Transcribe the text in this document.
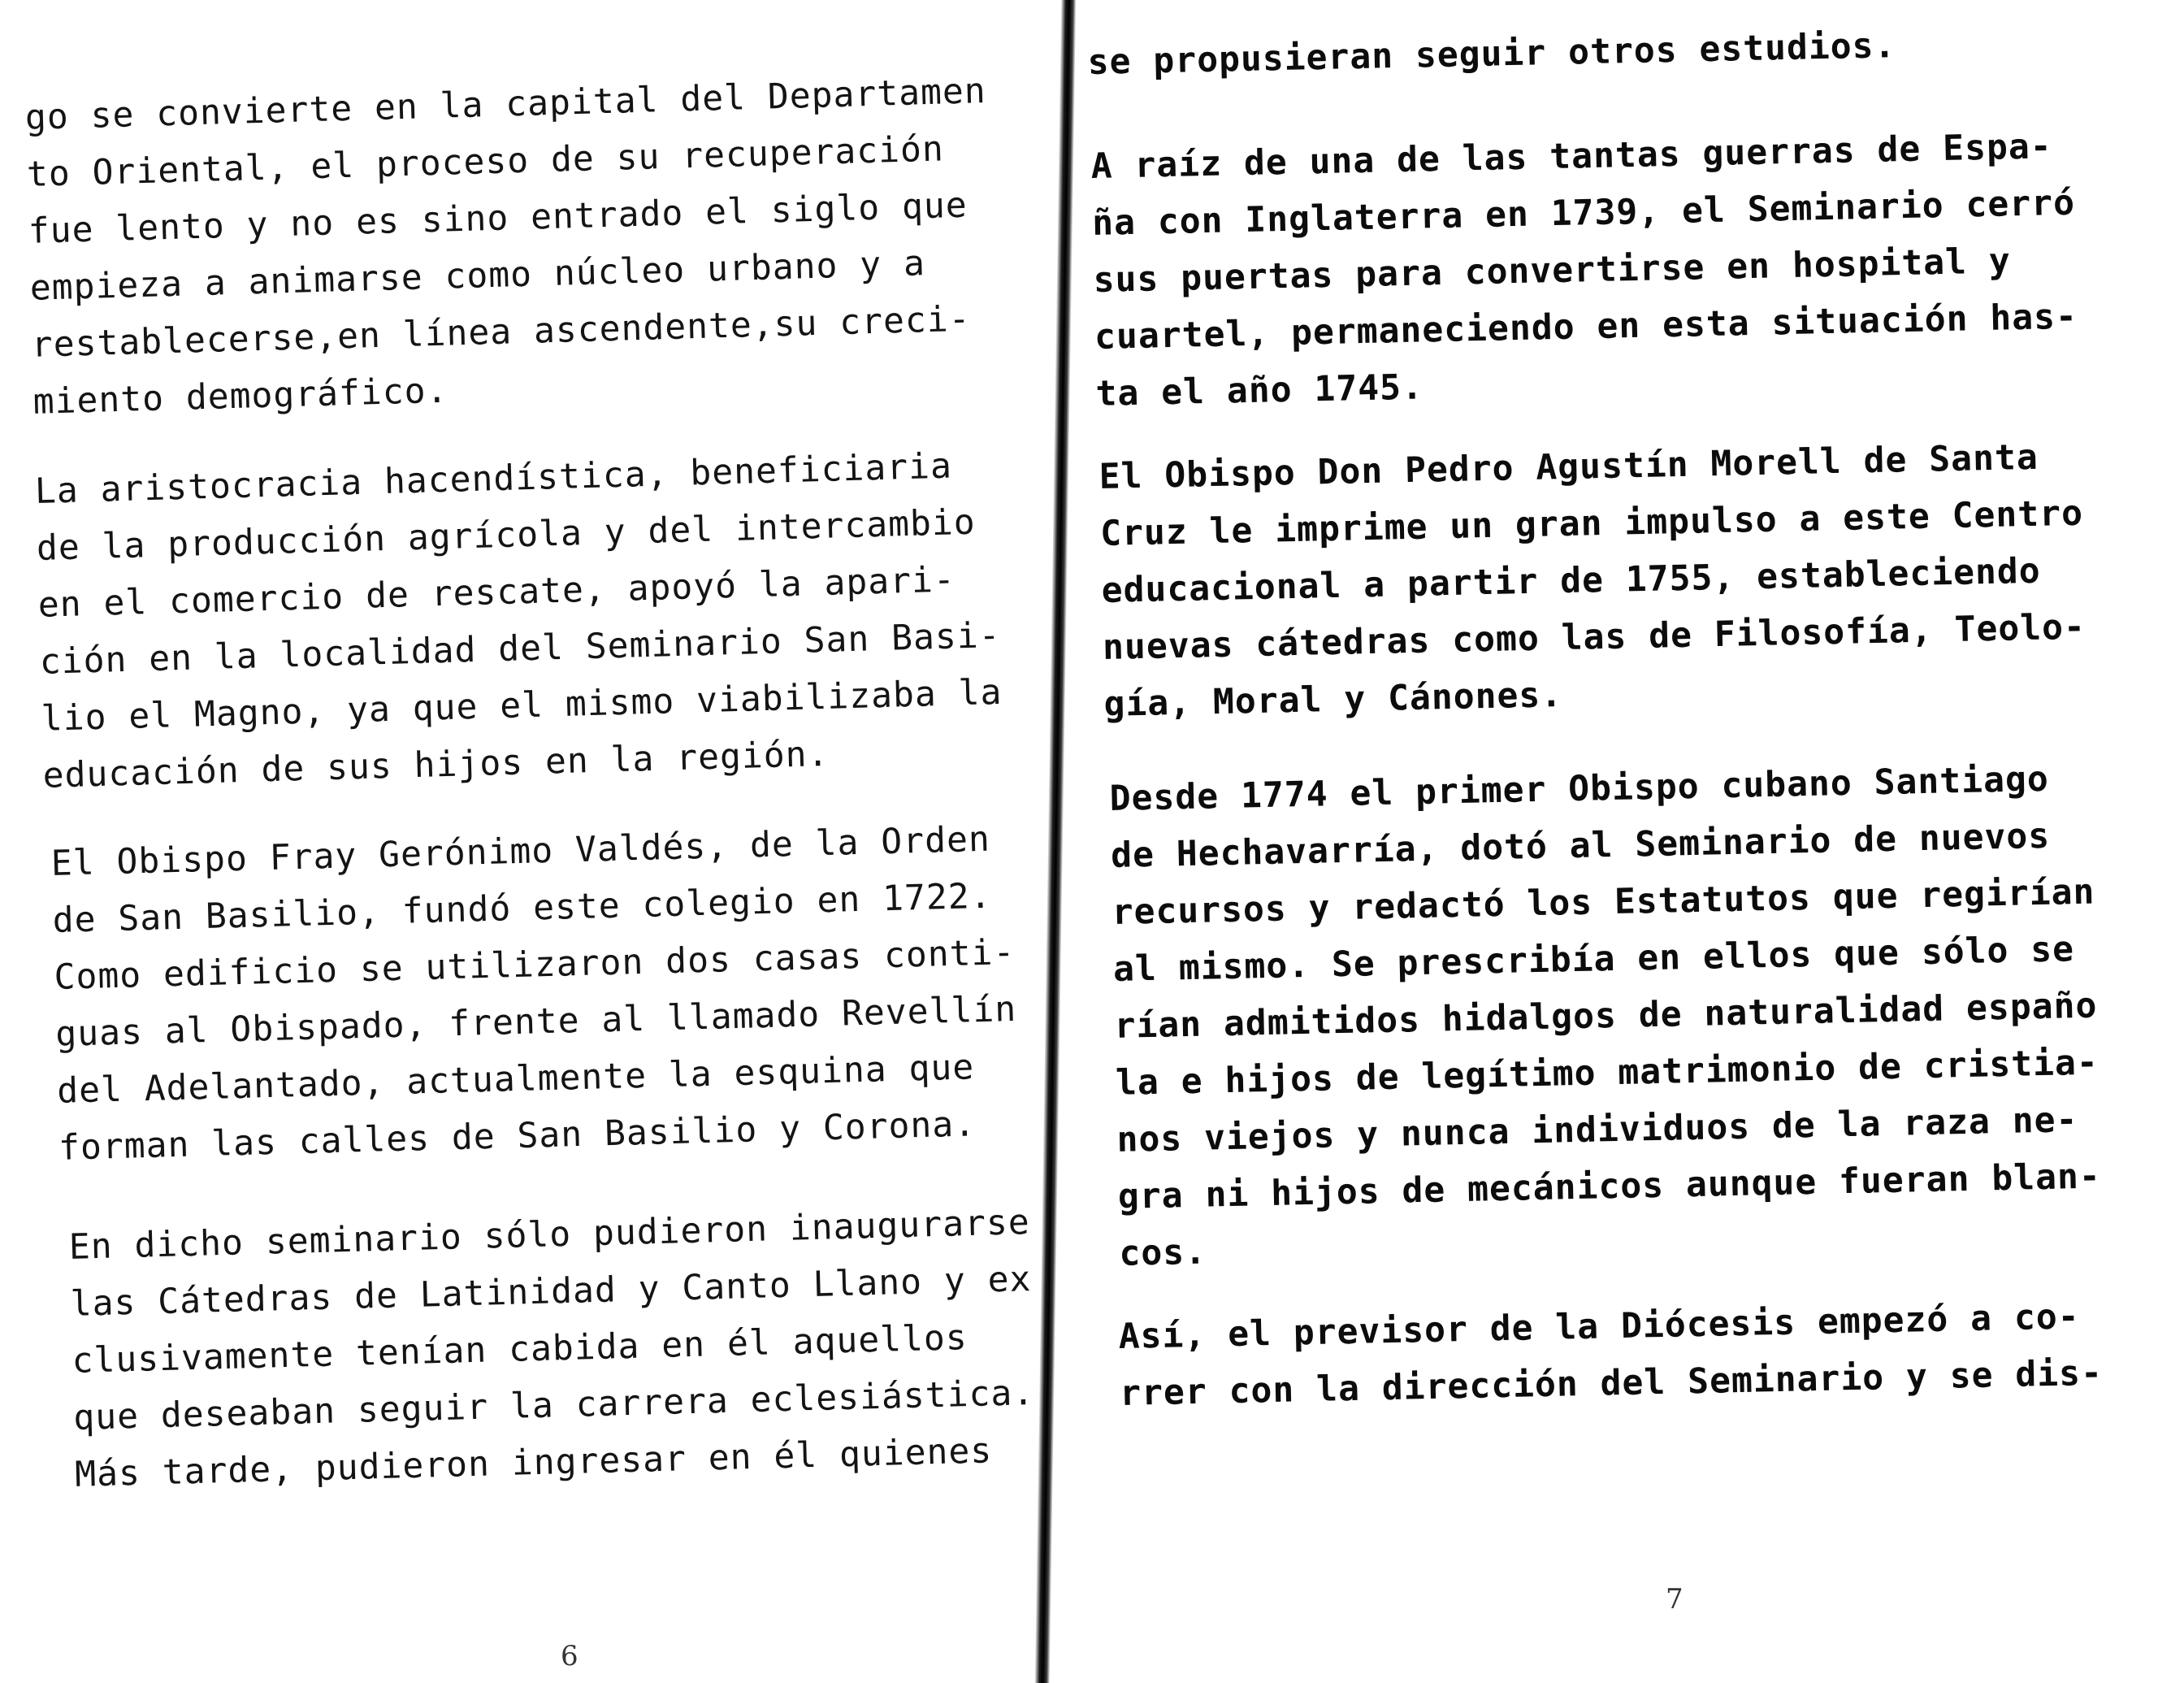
go se convierte en la capital del Departamen
to Oriental, el proceso de su recuperación
fue lento y no es sino entrado el siglo que
empieza a animarse como núcleo urbano y a
restablecerse,en línea ascendente,su creci-
miento demográfico.

La aristocracia hacendística, beneficiaria
de la producción agrícola y del intercambio
en el comercio de rescate, apoyó la apari-
ción en la localidad del Seminario San Basi-
lio el Magno, ya que el mismo viabilizaba la
educación de sus hijos en la región.

El Obispo Fray Gerónimo Valdés, de la Orden
de San Basilio, fundó este colegio en 1722.
Como edificio se utilizaron dos casas conti-
guas al Obispado, frente al llamado Revellín
del Adelantado, actualmente la esquina que
forman las calles de San Basilio y Corona.

En dicho seminario sólo pudieron inaugurarse
las Cátedras de Latinidad y Canto Llano y ex
clusivamente tenían cabida en él aquellos
que deseaban seguir la carrera eclesiástica.
Más tarde, pudieron ingresar en él quienes

6

se propusieran seguir otros estudios.

A raíz de una de las tantas guerras de Espa-
ña con Inglaterra en 1739, el Seminario cerró
sus puertas para convertirse en hospital y
cuartel, permaneciendo en esta situación has-
ta el año 1745.

El Obispo Don Pedro Agustín Morell de Santa
Cruz le imprime un gran impulso a este Centro
educacional a partir de 1755, estableciendo
nuevas cátedras como las de Filosofía, Teolo-
gía, Moral y Cánones.

Desde 1774 el primer Obispo cubano Santiago
de Hechavarría, dotó al Seminario de nuevos
recursos y redactó los Estatutos que regirían
al mismo. Se prescribía en ellos que sólo se
rían admitidos hidalgos de naturalidad españo
la e hijos de legítimo matrimonio de cristia-
nos viejos y nunca individuos de la raza ne-
gra ni hijos de mecánicos aunque fueran blan-
cos.

Así, el previsor de la Diócesis empezó a co-
rrer con la dirección del Seminario y se dis-

7
